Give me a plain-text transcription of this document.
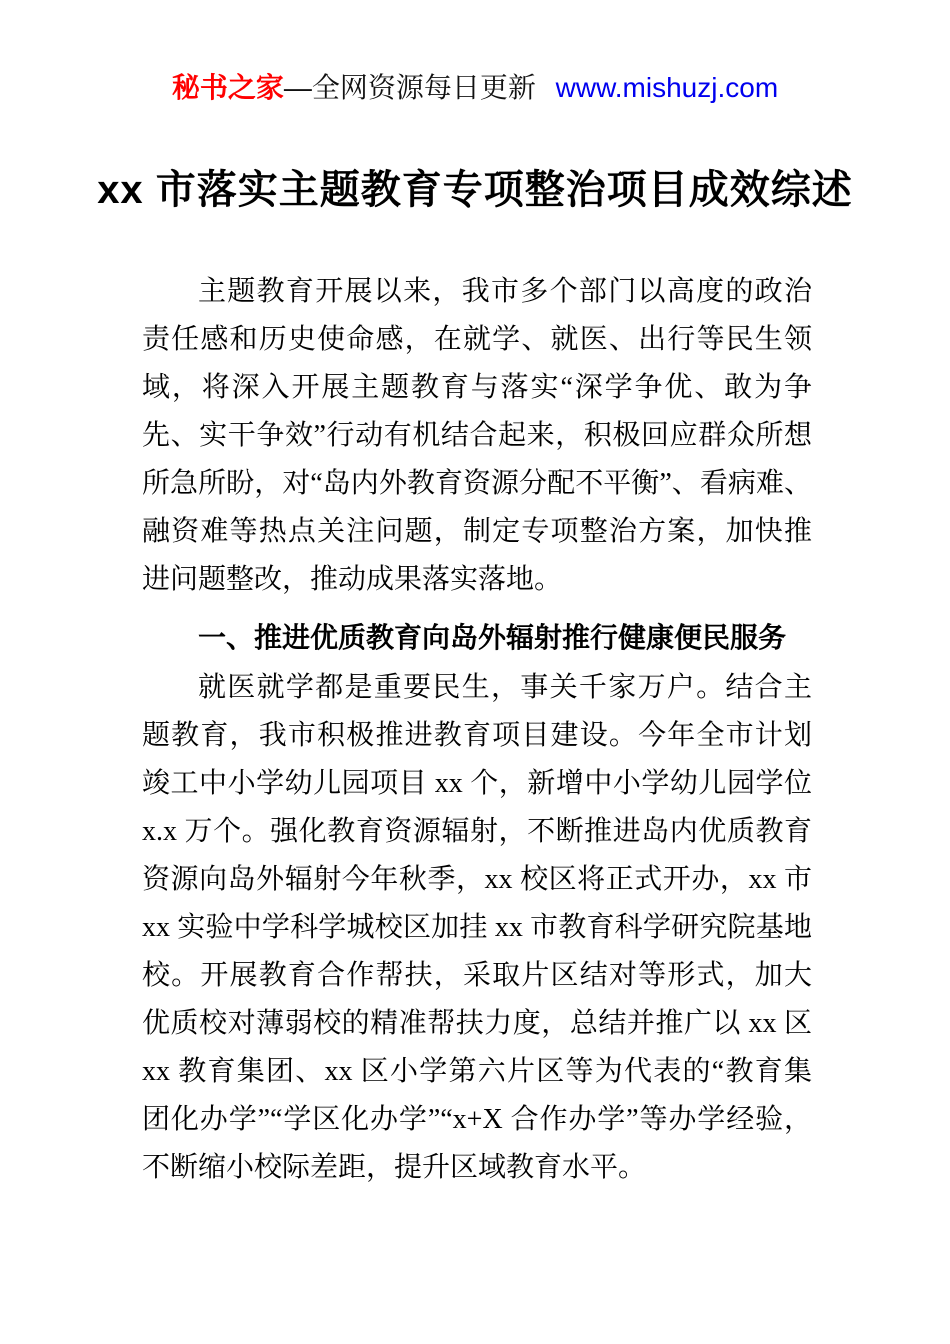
秘书之家—全网资源每日更新 www.mishuzj.com
xx 市落实主题教育专项整治项目成效综述

主题教育开展以来，我市多个部门以高度的政治责任感和历史使命感，在就学、就医、出行等民生领域，将深入开展主题教育与落实“深学争优、敢为争先、实干争效”行动有机结合起来，积极回应群众所想所急所盼，对“岛内外教育资源分配不平衡”、看病难、融资难等热点关注问题，制定专项整治方案，加快推进问题整改，推动成果落实落地。

一、推进优质教育向岛外辐射推行健康便民服务

就医就学都是重要民生，事关千家万户。结合主题教育，我市积极推进教育项目建设。今年全市计划竣工中小学幼儿园项目 xx 个，新增中小学幼儿园学位 x.x 万个。强化教育资源辐射，不断推进岛内优质教育资源向岛外辐射今年秋季，xx 校区将正式开办，xx 市 xx 实验中学科学城校区加挂 xx 市教育科学研究院基地校。开展教育合作帮扶，采取片区结对等形式，加大优质校对薄弱校的精准帮扶力度，总结并推广以 xx 区 xx 教育集团、xx 区小学第六片区等为代表的“教育集团化办学”“学区化办学”“x+X 合作办学”等办学经验，不断缩小校际差距，提升区域教育水平。
